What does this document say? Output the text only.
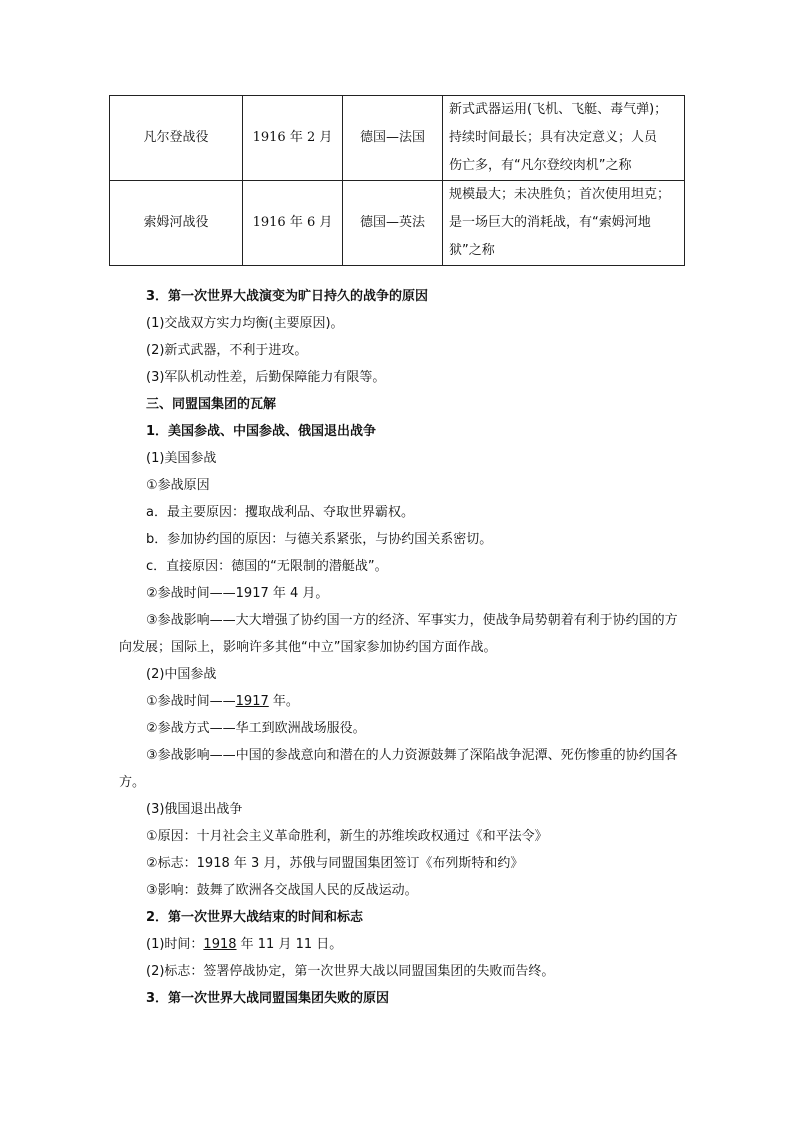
凡尔登战役	1916 年 2 月	德国—法国	新式武器运用(飞机、飞艇、毒气弹)；
持续时间最长；具有决定意义；人员
伤亡多，有“凡尔登绞肉机”之称

索姆河战役	1916 年 6 月	德国—英法	规模最大；未决胜负；首次使用坦克；
是一场巨大的消耗战，有“索姆河地
狱”之称
3．第一次世界大战演变为旷日持久的战争的原因
(1)交战双方实力均衡(主要原因)。
(2)新式武器，不利于进攻。
(3)军队机动性差，后勤保障能力有限等。
三、同盟国集团的瓦解
1．美国参战、中国参战、俄国退出战争
(1)美国参战
①参战原因
a．最主要原因：攫取战利品、夺取世界霸权。
b．参加协约国的原因：与德关系紧张，与协约国关系密切。
c．直接原因：德国的“无限制的潜艇战”。
②参战时间——1917 年 4 月。
③参战影响——大大增强了协约国一方的经济、军事实力，使战争局势朝着有利于协约国的方向发展；国际上，影响许多其他“中立”国家参加协约国方面作战。
(2)中国参战
①参战时间——1917 年。
②参战方式——华工到欧洲战场服役。
③参战影响——中国的参战意向和潜在的人力资源鼓舞了深陷战争泥潭、死伤惨重的协约国各方。
(3)俄国退出战争
①原因：十月社会主义革命胜利，新生的苏维埃政权通过《和平法令》
②标志：1918 年 3 月，苏俄与同盟国集团签订《布列斯特和约》
③影响：鼓舞了欧洲各交战国人民的反战运动。
2．第一次世界大战结束的时间和标志
(1)时间：1918 年 11 月 11 日。
(2)标志：签署停战协定，第一次世界大战以同盟国集团的失败而告终。
3．第一次世界大战同盟国集团失败的原因
